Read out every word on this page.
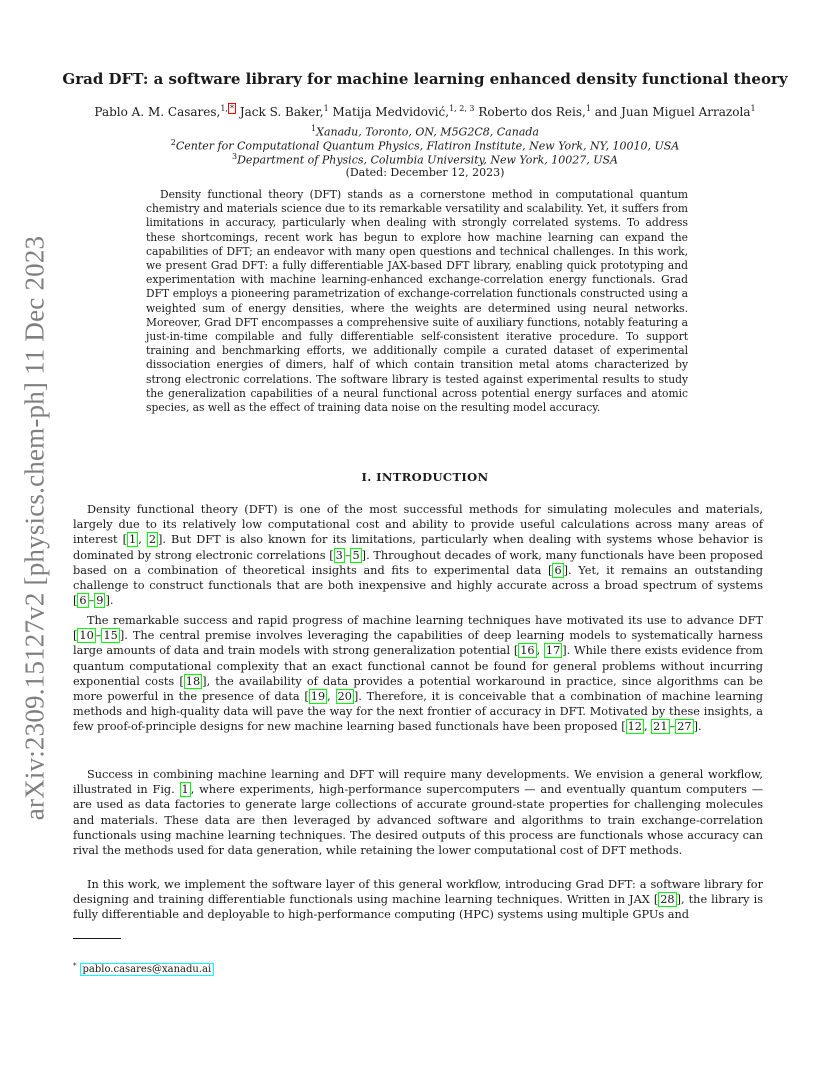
arXiv:2309.15127v2 [physics.chem-ph] 11 Dec 2023
Grad DFT: a software library for machine learning enhanced density functional theory
Pablo A. M. Casares,$^{1,}$ * Jack S. Baker,$^1$ Matija Medvidović,$^{1, 2, 3}$ Roberto dos Reis,$^1$ and Juan Miguel Arrazola$^1$
$^1$Xanadu, Toronto, ON, M5G2C8, Canada
$^2$Center for Computational Quantum Physics, Flatiron Institute, New York, NY, 10010, USA
$^3$Department of Physics, Columbia University, New York, 10027, USA
(Dated: December 12, 2023)

Density functional theory (DFT) stands as a cornerstone method in computational quantum chemistry and materials science due to its remarkable versatility and scalability. Yet, it suffers from limitations in accuracy, particularly when dealing with strongly correlated systems. To address these shortcomings, recent work has begun to explore how machine learning can expand the capabilities of DFT; an endeavor with many open questions and technical challenges. In this work, we present Grad DFT: a fully differentiable JAX-based DFT library, enabling quick prototyping and experimentation with machine learning-enhanced exchange-correlation energy functionals. Grad DFT employs a pioneering parametrization of exchange-correlation functionals constructed using a weighted sum of energy densities, where the weights are determined using neural networks. Moreover, Grad DFT encompasses a comprehensive suite of auxiliary functions, notably featuring a just-in-time compilable and fully differentiable self-consistent iterative procedure. To support training and benchmarking efforts, we additionally compile a curated dataset of experimental dissociation energies of dimers, half of which contain transition metal atoms characterized by strong electronic correlations. The software library is tested against experimental results to study the generalization capabilities of a neural functional across potential energy surfaces and atomic species, as well as the effect of training data noise on the resulting model accuracy.

I. INTRODUCTION

Density functional theory (DFT) is one of the most successful methods for simulating molecules and materials, largely due to its relatively low computational cost and ability to provide useful calculations across many areas of interest [ 1 , 2 ]. But DFT is also known for its limitations, particularly when dealing with systems whose behavior is dominated by strong electronic correlations [ 3 – 5 ]. Throughout decades of work, many functionals have been proposed based on a combination of theoretical insights and fits to experimental data [ 6 ]. Yet, it remains an outstanding challenge to construct functionals that are both inexpensive and highly accurate across a broad spectrum of systems [ 6 – 9 ].

The remarkable success and rapid progress of machine learning techniques have motivated its use to advance DFT [ 10 – 15 ]. The central premise involves leveraging the capabilities of deep learning models to systematically harness large amounts of data and train models with strong generalization potential [ 16 , 17 ]. While there exists evidence from quantum computational complexity that an exact functional cannot be found for general problems without incurring exponential costs [ 18 ], the availability of data provides a potential workaround in practice, since algorithms can be more powerful in the presence of data [ 19 , 20 ]. Therefore, it is conceivable that a combination of machine learning methods and high-quality data will pave the way for the next frontier of accuracy in DFT. Motivated by these insights, a few proof-of-principle designs for new machine learning based functionals have been proposed [ 12 , 21 – 27 ].

Success in combining machine learning and DFT will require many developments. We envision a general workflow, illustrated in Fig. 1 , where experiments, high-performance supercomputers — and eventually quantum computers — are used as data factories to generate large collections of accurate ground-state properties for challenging molecules and materials. These data are then leveraged by advanced software and algorithms to train exchange-correlation functionals using machine learning techniques. The desired outputs of this process are functionals whose accuracy can rival the methods used for data generation, while retaining the lower computational cost of DFT methods.

In this work, we implement the software layer of this general workflow, introducing Grad DFT: a software library for designing and training differentiable functionals using machine learning techniques. Written in JAX [ 28 ], the library is fully differentiable and deployable to high-performance computing (HPC) systems using multiple GPUs and

* pablo.casares@xanadu.ai
